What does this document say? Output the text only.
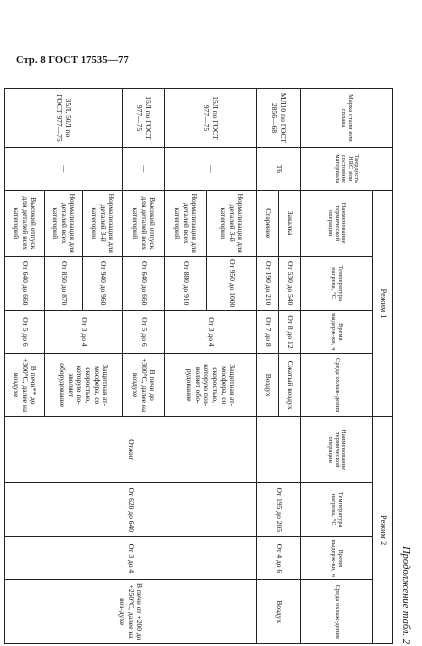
Стр. 8 ГОСТ 17535—77
Продолжение табл. 2
Марка стали или сплава	Твердость HRC или состояние материала	Режим 1				Режим 2			
		Наименование термической операции	Температура нагрева, °C	Время выдерж-ки, ч	Среда охлаж-дения	Наименование термической операции	Температура нагрева, °C	Время выдерж-ки, ч	Среда охлаж-дения
МЛ10 по ГОСТ 2856—68	Т6	Закалка	От 530 до 540	От 8 до 12	Сжатый воздух		От 195 до 205	От 4 до 6	Воздух
		Старение	От 190 до 210	От 7 до 8	Воздух				
15Л по ГОСТ 977—75	—	Нормализация для деталей 3-й категории	От 950 до 1000	От 3 до 4	Защитная ат-мосфера, со скоростью, которую поз-воляет обо-рудование	Отжиг	От 620 до 640	От 3 до 4	В печи от +200 до +250°С, далее на воз-духе
		Нормализация для деталей всех категорий	От 880 до 910						
15Л по ГОСТ 977—75	—	Высокий отпуск для деталей всех категорий	От 640 до 660	От 5 до 6	В печи до +300°С, далее на воздухе				
35Л, 50Л по ГОСТ 977—75	—	Нормализация для деталей 3-й категории	От 940 до 960	От 3 до 4	Защитная ат-мосфера, со скоростью, которую по-зволяет оборудование				
		Нормализация для деталей всех категорий	От 850 до 870						
		Высокий отпуск для деталей всех категорий	От 640 до 660	От 5 до 6	В печи** до +300°С, далее на воздухе				
